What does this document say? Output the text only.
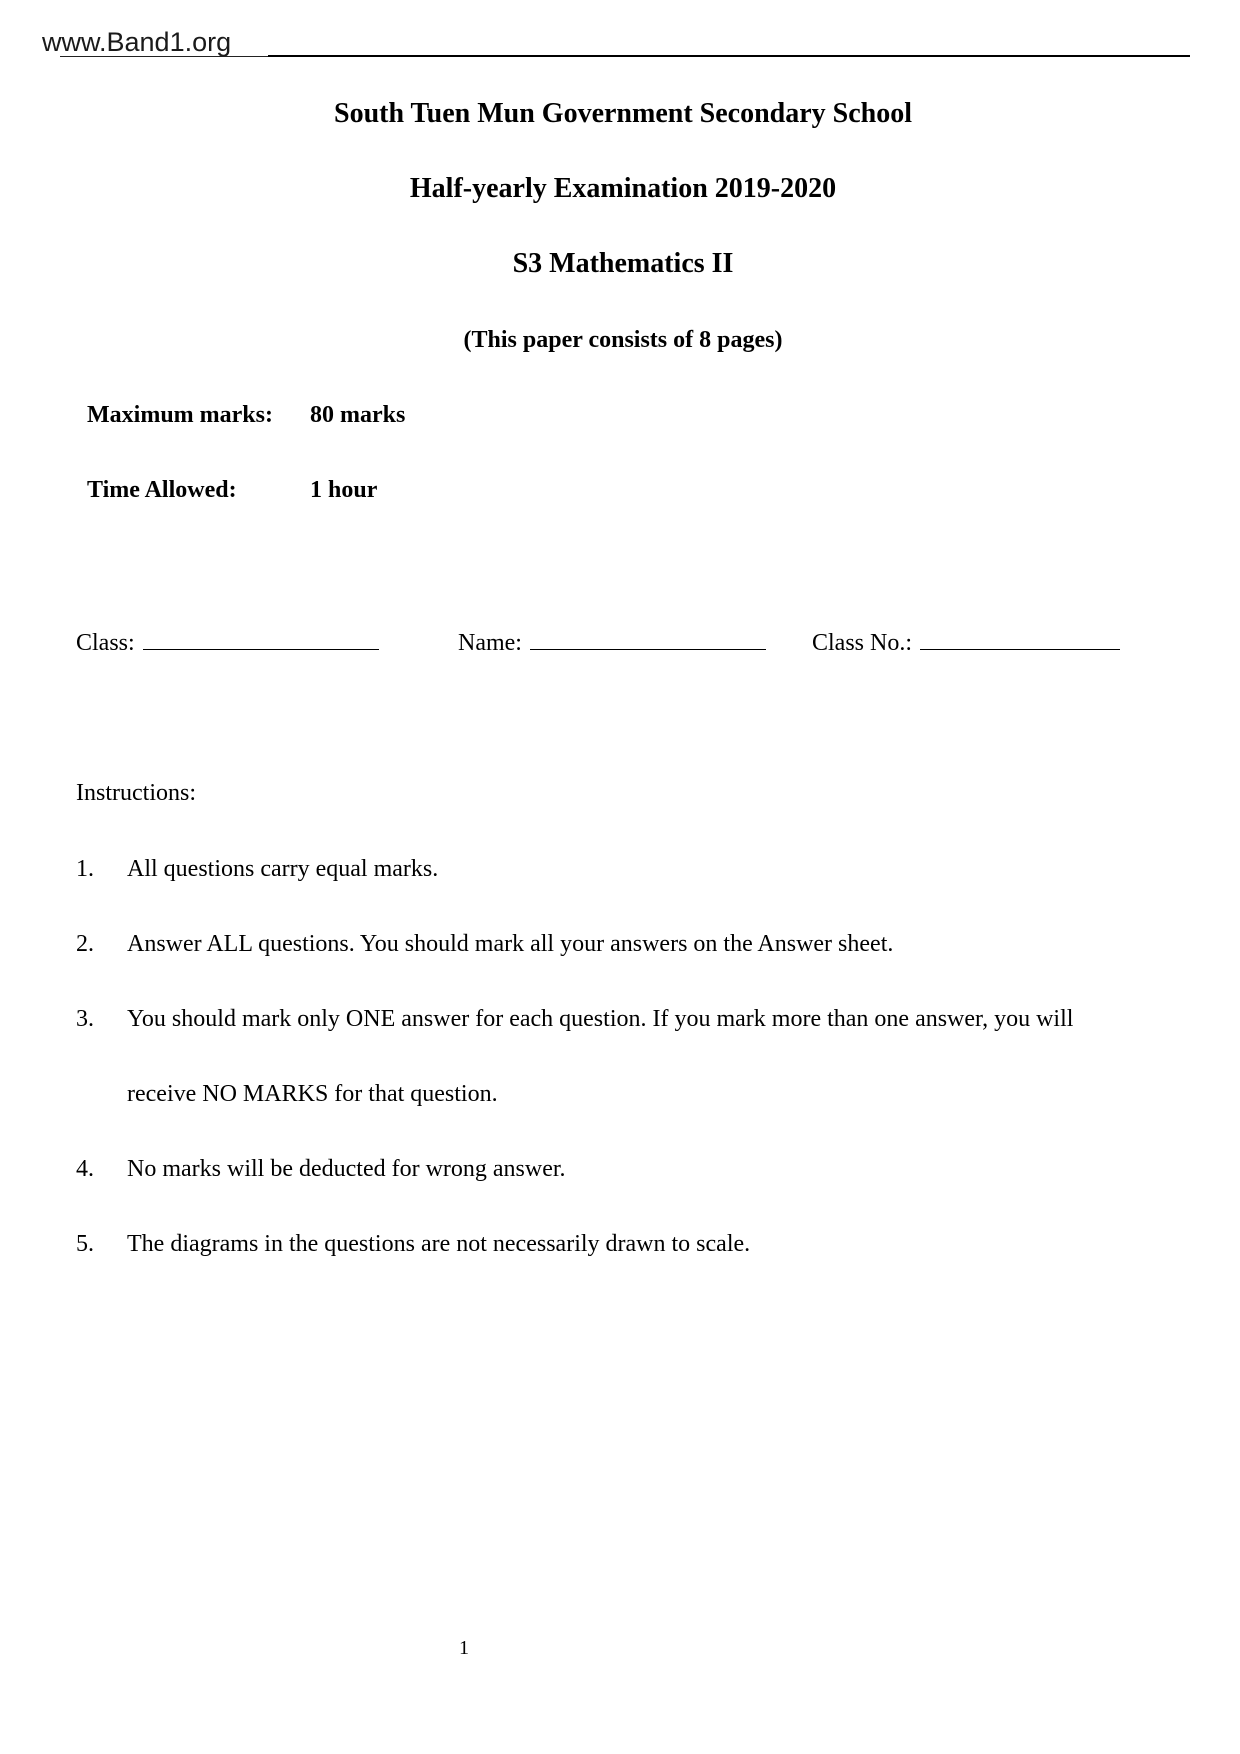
www.Band1.org
South Tuen Mun Government Secondary School
Half-yearly Examination 2019-2020
S3 Mathematics II
(This paper consists of 8 pages)
Maximum marks: 80 marks
Time Allowed:	1 hour
Class:	Name:	Class No.:
Instructions:
1. All questions carry equal marks.
2. Answer ALL questions. You should mark all your answers on the Answer sheet.
3. You should mark only ONE answer for each question. If you mark more than one answer, you will
receive NO MARKS for that question.
4. No marks will be deducted for wrong answer.
5. The diagrams in the questions are not necessarily drawn to scale.
1
